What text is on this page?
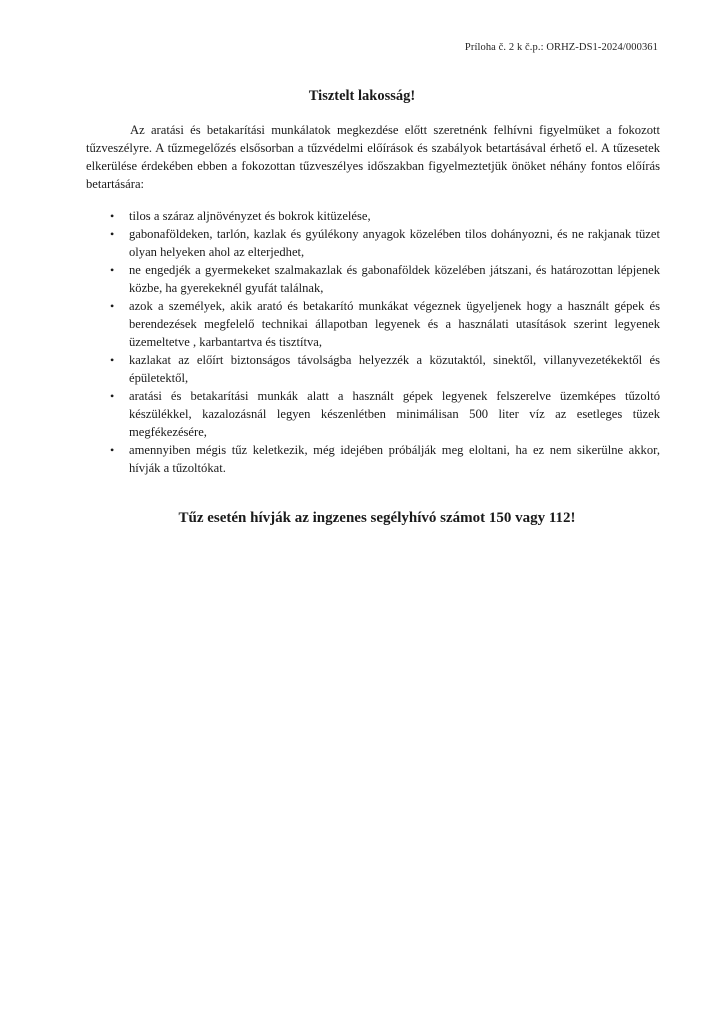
Príloha č. 2 k č.p.: ORHZ-DS1-2024/000361
Tisztelt lakosság!

Az aratási és betakarítási munkálatok megkezdése előtt szeretnénk felhívni figyelmüket a fokozott tűzveszélyre. A tűzmegelőzés elsősorban a tűzvédelmi előírások és szabályok betartásával érhető el. A tűzesetek elkerülése érdekében ebben a fokozottan tűzveszélyes időszakban figyelmeztetjük önöket néhány fontos előírás betartására:

•	tilos a száraz aljnövényzet és bokrok kitüzelése,
•	gabonaföldeken, tarlón, kazlak és gyúlékony anyagok közelében tilos dohányozni, és ne rakjanak tüzet olyan helyeken ahol az elterjedhet,
•	ne engedjék a gyermekeket szalmakazlak és gabonaföldek közelében játszani, és határozottan lépjenek közbe, ha gyerekeknél gyufát találnak,
•	azok a személyek, akik arató és betakarító munkákat végeznek ügyeljenek hogy a használt gépek és berendezések megfelelő technikai állapotban legyenek és a használati utasítások szerint legyenek üzemeltetve , karbantartva és tisztítva,
•	kazlakat az előírt biztonságos távolságba helyezzék a közutaktól, sinektől, villanyvezetékektől és épületektől,
•	aratási és betakarítási munkák alatt a használt gépek legyenek felszerelve üzemképes tűzoltó készülékkel, kazalozásnál legyen készenlétben minimálisan 500 liter víz az esetleges tüzek megfékezésére,
•	amennyiben mégis tűz keletkezik, még idejében próbálják meg eloltani, ha ez nem sikerülne akkor, hívják a tűzoltókat.
Tűz esetén hívják az ingzenes segélyhívó számot 150 vagy 112!
